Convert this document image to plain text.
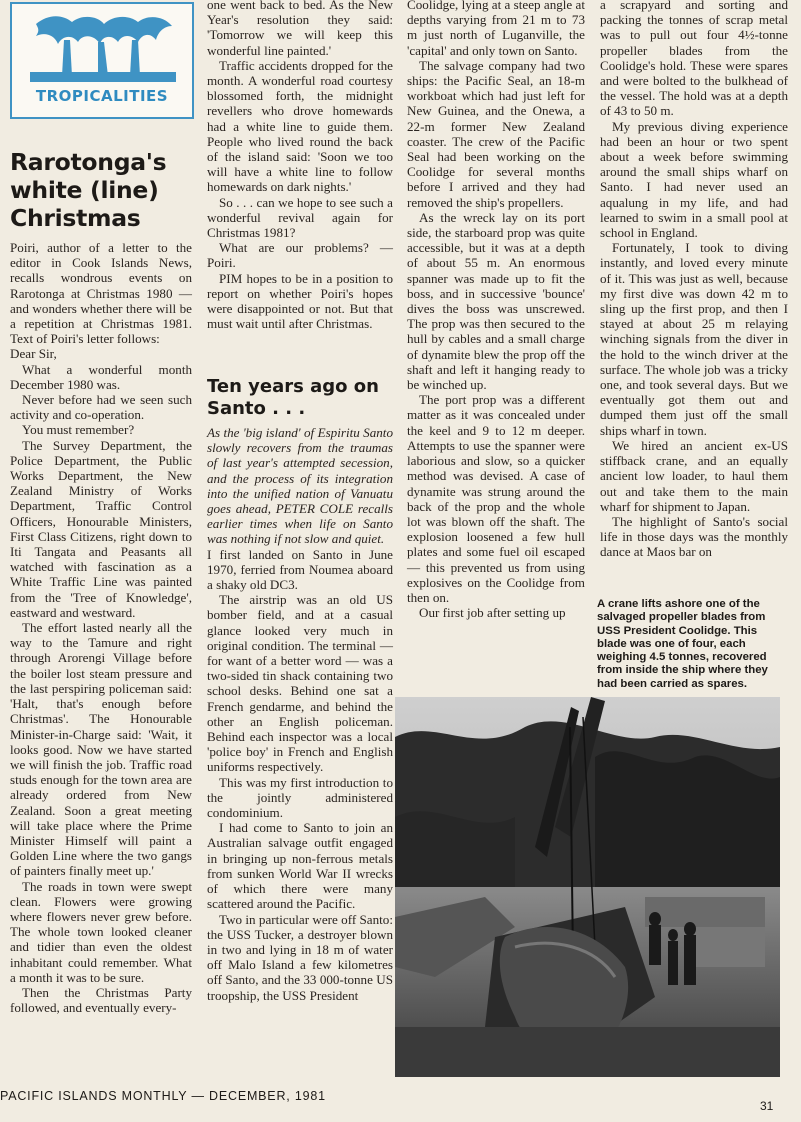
TROPICALITIES
Rarotonga's white (line) Christmas

Poiri, author of a letter to the editor in Cook Islands News, recalls wondrous events on Rarotonga at Christmas 1980 — and wonders whether there will be a repetition at Christmas 1981. Text of Poiri's letter follows:

Dear Sir,

What a wonderful month December 1980 was.

Never before had we seen such activity and co-operation.

You must remember?

The Survey Department, the Police Department, the Public Works Department, the New Zealand Ministry of Works Department, Traffic Control Officers, Honourable Ministers, First Class Citizens, right down to Iti Tangata and Peasants all watched with fascination as a White Traffic Line was painted from the 'Tree of Knowledge', eastward and westward.

The effort lasted nearly all the way to the Tamure and right through Arorengi Village before the boiler lost steam pressure and the last perspiring policeman said: 'Halt, that's enough before Christmas'. The Honourable Minister-in-Charge said: 'Wait, it looks good. Now we have started we will finish the job. Traffic road studs enough for the town area are already ordered from New Zealand. Soon a great meeting will take place where the Prime Minister Himself will paint a Golden Line where the two gangs of painters finally meet up.'

The roads in town were swept clean. Flowers were growing where flowers never grew before. The whole town looked cleaner and tidier than even the oldest inhabitant could remember. What a month it was to be sure.

Then the Christmas Party followed, and eventually every-

one went back to bed. As the New Year's resolution they said: 'Tomorrow we will keep this wonderful line painted.'

Traffic accidents dropped for the month. A wonderful road courtesy blossomed forth, the midnight revellers who drove homewards had a white line to guide them. People who lived round the back of the island said: 'Soon we too will have a white line to follow homewards on dark nights.'

So . . . can we hope to see such a wonderful revival again for Christmas 1981?

What are our problems? — Poiri.

PIM hopes to be in a position to report on whether Poiri's hopes were disappointed or not. But that must wait until after Christmas.

Ten years ago on Santo . . .

As the 'big island' of Espiritu Santo slowly recovers from the traumas of last year's attempted secession, and the process of its integration into the unified nation of Vanuatu goes ahead, PETER COLE recalls earlier times when life on Santo was nothing if not slow and quiet.

I first landed on Santo in June 1970, ferried from Noumea aboard a shaky old DC3.

The airstrip was an old US bomber field, and at a casual glance looked very much in original condition. The terminal — for want of a better word — was a two-sided tin shack containing two school desks. Behind one sat a French gendarme, and behind the other an English policeman. Behind each inspector was a local 'police boy' in French and English uniforms respectively.

This was my first introduction to the jointly administered condominium.

I had come to Santo to join an Australian salvage outfit engaged in bringing up non-ferrous metals from sunken World War II wrecks of which there were many scattered around the Pacific.

Two in particular were off Santo: the USS Tucker, a destroyer blown in two and lying in 18 m of water off Malo Island a few kilometres off Santo, and the 33 000-tonne US troopship, the USS President

Coolidge, lying at a steep angle at depths varying from 21 m to 73 m just north of Luganville, the 'capital' and only town on Santo.

The salvage company had two ships: the Pacific Seal, an 18-m workboat which had just left for New Guinea, and the Onewa, a 22-m former New Zealand coaster. The crew of the Pacific Seal had been working on the Coolidge for several months before I arrived and they had removed the ship's propellers.

As the wreck lay on its port side, the starboard prop was quite accessible, but it was at a depth of about 55 m. An enormous spanner was made up to fit the boss, and in successive 'bounce' dives the boss was unscrewed. The prop was then secured to the hull by cables and a small charge of dynamite blew the prop off the shaft and left it hanging ready to be winched up.

The port prop was a different matter as it was concealed under the keel and 9 to 12 m deeper. Attempts to use the spanner were laborious and slow, so a quicker method was devised. A case of dynamite was strung around the back of the prop and the whole lot was blown off the shaft. The explosion loosened a few hull plates and some fuel oil escaped — this prevented us from using explosives on the Coolidge from then on.

Our first job after setting up

a scrapyard and sorting and packing the tonnes of scrap metal was to pull out four 4½-tonne propeller blades from the Coolidge's hold. These were spares and were bolted to the bulkhead of the vessel. The hold was at a depth of 43 to 50 m.

My previous diving experience had been an hour or two spent about a week before swimming around the small ships wharf on Santo. I had never used an aqualung in my life, and had learned to swim in a small pool at school in England.

Fortunately, I took to diving instantly, and loved every minute of it. This was just as well, because my first dive was down 42 m to sling up the first prop, and then I stayed at about 25 m relaying winching signals from the diver in the hold to the winch driver at the surface. The whole job was a tricky one, and took several days. But we eventually got them out and dumped them just off the small ships wharf in town.

We hired an ancient ex-US stiffback crane, and an equally ancient low loader, to haul them out and take them to the main wharf for shipment to Japan.

The highlight of Santo's social life in those days was the monthly dance at Maos bar on

A crane lifts ashore one of the salvaged propeller blades from USS President Coolidge. This blade was one of four, each weighing 4.5 tonnes, recovered from inside the ship where they had been carried as spares.
PACIFIC ISLANDS MONTHLY — DECEMBER, 1981
31
